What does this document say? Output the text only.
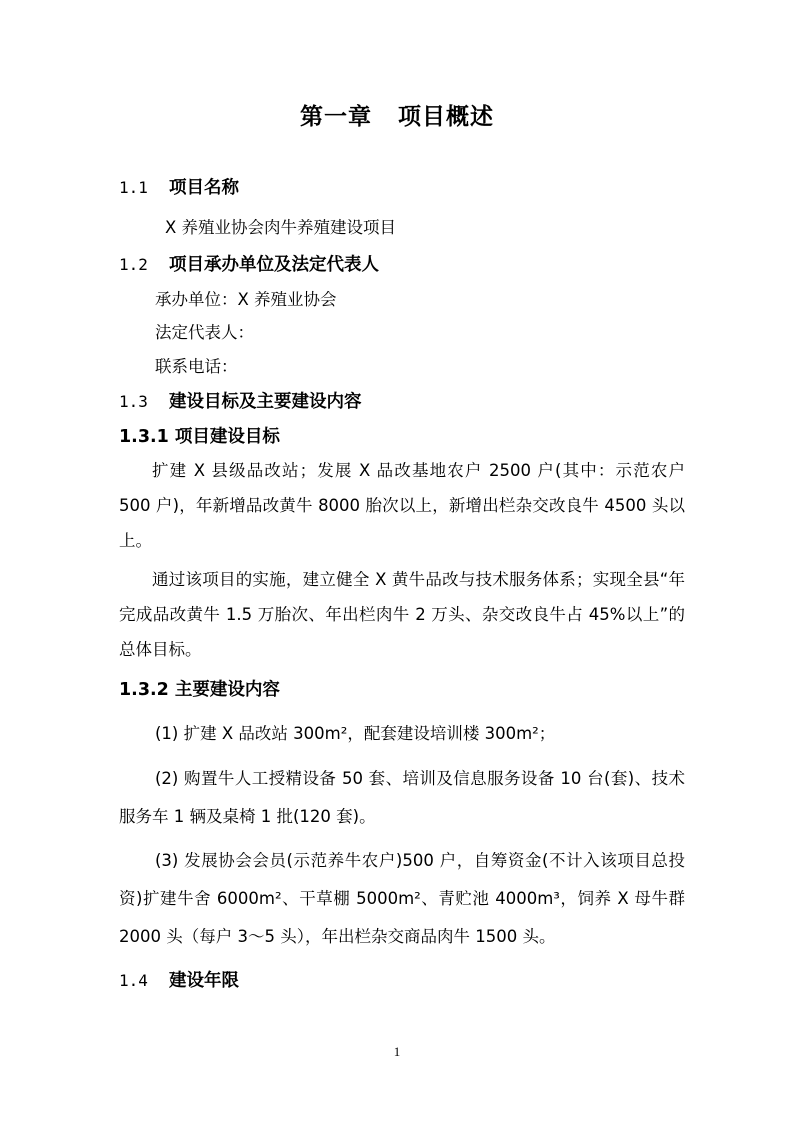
第一章 项目概述
1.1 项目名称
X 养殖业协会肉牛养殖建设项目
1.2 项目承办单位及法定代表人
承办单位：X 养殖业协会
法定代表人：
联系电话：
1.3 建设目标及主要建设内容
1.3.1 项目建设目标
扩建 X 县级品改站；发展 X 品改基地农户 2500 户(其中：示范农户 500 户)，年新增品改黄牛 8000 胎次以上，新增出栏杂交改良牛 4500 头以上。
通过该项目的实施，建立健全 X 黄牛品改与技术服务体系；实现全县“年完成品改黄牛 1.5 万胎次、年出栏肉牛 2 万头、杂交改良牛占 45%以上”的总体目标。
1.3.2 主要建设内容
(1) 扩建 X 品改站 300m²，配套建设培训楼 300m²；
(2) 购置牛人工授精设备 50 套、培训及信息服务设备 10 台(套)、技术服务车 1 辆及桌椅 1 批(120 套)。
(3) 发展协会会员(示范养牛农户)500 户，自筹资金(不计入该项目总投资)扩建牛舍 6000m²、干草棚 5000m²、青贮池 4000m³，饲养 X 母牛群 2000 头（每户 3～5 头），年出栏杂交商品肉牛 1500 头。
1.4 建设年限
1
